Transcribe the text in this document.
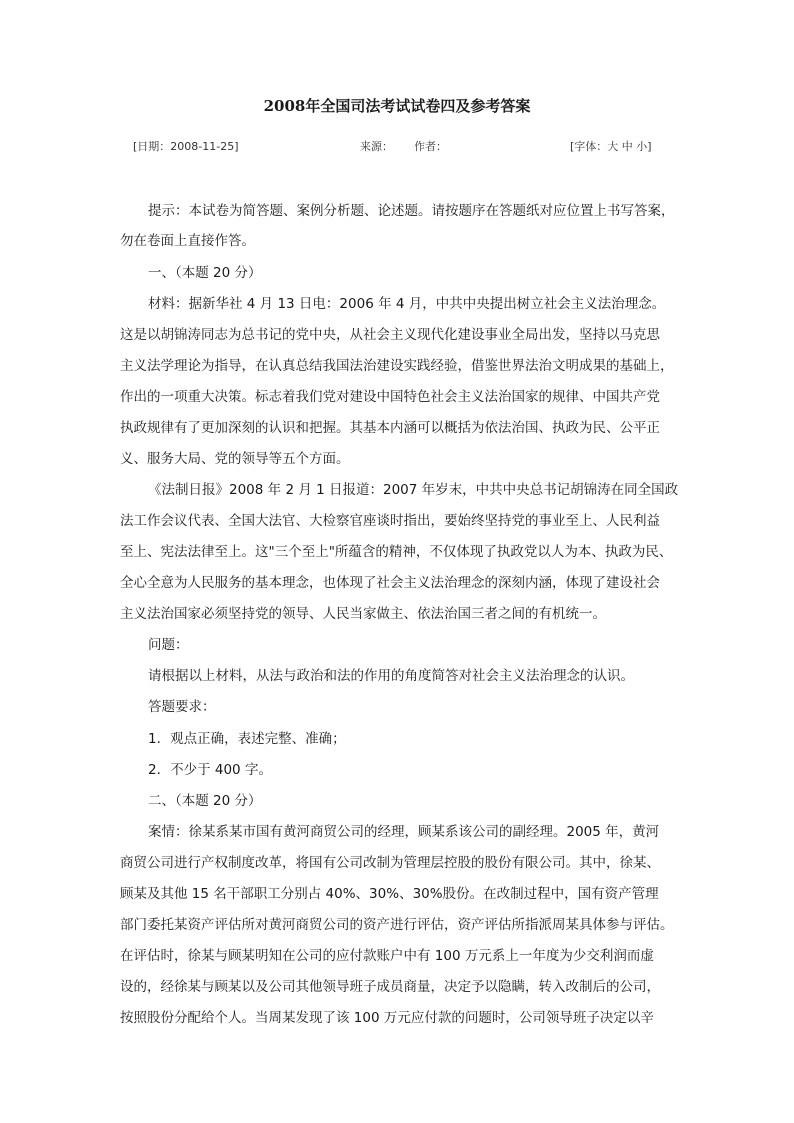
2008年全国司法考试试卷四及参考答案
[日期：2008-11-25]	来源： 作者：	[字体：大 中 小]
提示：本试卷为简答题、案例分析题、论述题。请按题序在答题纸对应位置上书写答案，
勿在卷面上直接作答。
一、（本题 20 分）
材料：据新华社 4 月 13 日电：2006 年 4 月，中共中央提出树立社会主义法治理念。
这是以胡锦涛同志为总书记的党中央，从社会主义现代化建设事业全局出发，坚持以马克思
主义法学理论为指导，在认真总结我国法治建设实践经验，借鉴世界法治文明成果的基础上，
作出的一项重大决策。标志着我们党对建设中国特色社会主义法治国家的规律、中国共产党
执政规律有了更加深刻的认识和把握。其基本内涵可以概括为依法治国、执政为民、公平正
义、服务大局、党的领导等五个方面。
《法制日报》2008 年 2 月 1 日报道：2007 年岁末，中共中央总书记胡锦涛在同全国政
法工作会议代表、全国大法官、大检察官座谈时指出，要始终坚持党的事业至上、人民利益
至上、宪法法律至上。这"三个至上"所蕴含的精神，不仅体现了执政党以人为本、执政为民、
全心全意为人民服务的基本理念，也体现了社会主义法治理念的深刻内涵，体现了建设社会
主义法治国家必须坚持党的领导、人民当家做主、依法治国三者之间的有机统一。
问题：
请根据以上材料，从法与政治和法的作用的角度简答对社会主义法治理念的认识。
答题要求：
1．观点正确，表述完整、准确；
2．不少于 400 字。
二、（本题 20 分）
案情：徐某系某市国有黄河商贸公司的经理，顾某系该公司的副经理。2005 年，黄河
商贸公司进行产权制度改革，将国有公司改制为管理层控股的股份有限公司。其中，徐某、
顾某及其他 15 名干部职工分别占 40%、30%、30%股份。在改制过程中，国有资产管理
部门委托某资产评估所对黄河商贸公司的资产进行评估，资产评估所指派周某具体参与评估。
在评估时，徐某与顾某明知在公司的应付款账户中有 100 万元系上一年度为少交利润而虚
设的，经徐某与顾某以及公司其他领导班子成员商量，决定予以隐瞒，转入改制后的公司，
按照股份分配给个人。当周某发现了该 100 万元应付款的问题时，公司领导班子决定以辛
